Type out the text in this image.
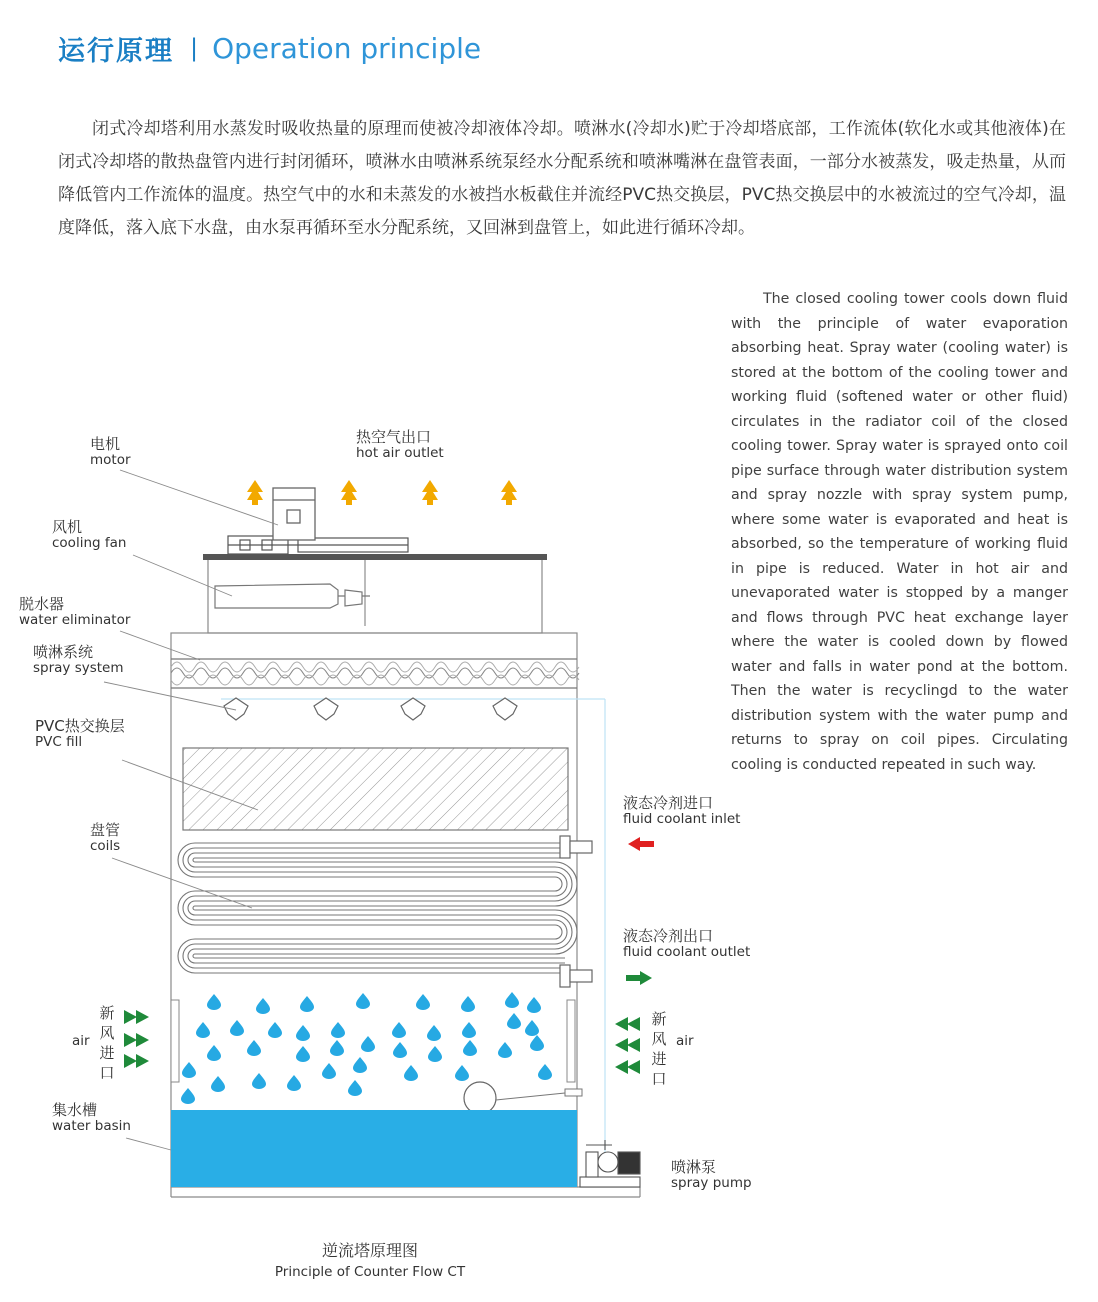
运行原理 | Operation principle

闭式冷却塔利用水蒸发时吸收热量的原理而使被冷却液体冷却。喷淋水(冷却水)贮于冷却塔底部，工作流体(软化水或其他液体)在闭式冷却塔的散热盘管内进行封闭循环，喷淋水由喷淋系统泵经水分配系统和喷淋嘴淋在盘管表面，一部分水被蒸发，吸走热量，从而降低管内工作流体的温度。热空气中的水和未蒸发的水被挡水板截住并流经PVC热交换层，PVC热交换层中的水被流过的空气冷却，温度降低，落入底下水盘，由水泵再循环至水分配系统，又回淋到盘管上，如此进行循环冷却。

The closed cooling tower cools down fluid with the principle of water evaporation absorbing heat. Spray water (cooling water) is stored at the bottom of the cooling tower and working fluid (softened water or other fluid) circulates in the radiator coil of the closed cooling tower. Spray water is sprayed onto coil pipe surface through water distribution system and spray nozzle with spray system pump, where some water is evaporated and heat is absorbed, so the temperature of working fluid in pipe is reduced. Water in hot air and unevaporated water is stopped by a manger and flows through PVC heat exchange layer where the water is cooled down by flowed water and falls in water pond at the bottom. Then the water is recyclingd to the water distribution system with the water pump and returns to spray on coil pipes. Circulating cooling is conducted repeated in such way.

电机
motor
热空气出口
hot air outlet
风机
cooling fan
脱水器
water eliminator
喷淋系统
spray system
PVC热交换层
PVC fill
盘管
coils
液态冷剂进口
fluid coolant inlet
液态冷剂出口
fluid coolant outlet
新
风
进
口
air
新
风
进
口
air
集水槽
water basin
喷淋泵
spray pump
逆流塔原理图
Principle of Counter Flow CT
